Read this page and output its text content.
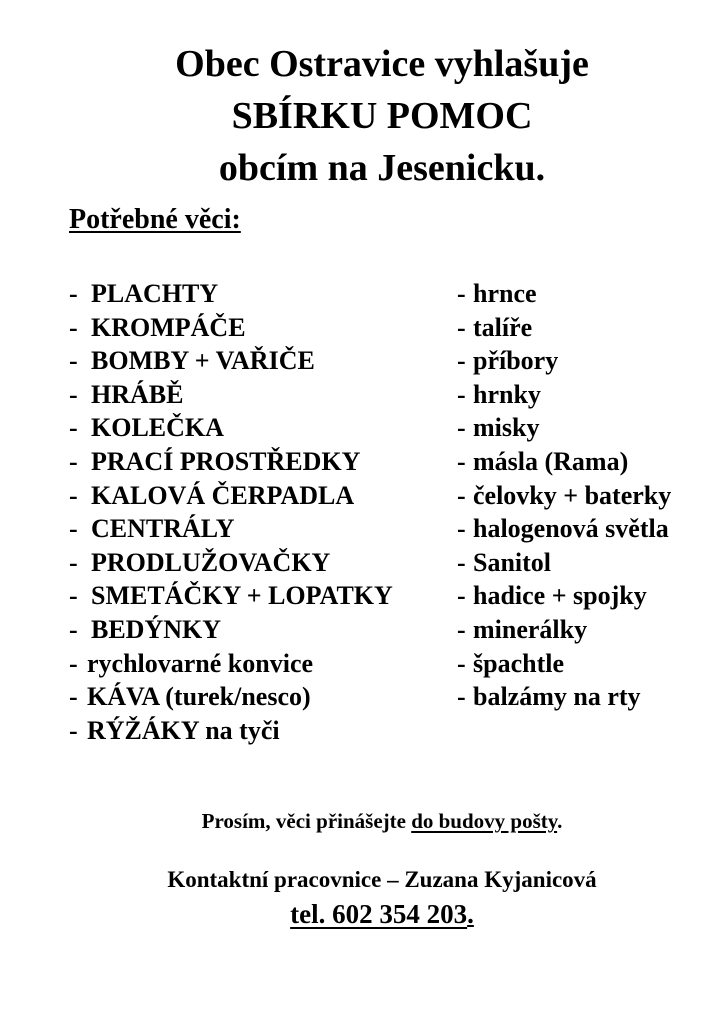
Obec Ostravice vyhlašuje
SBÍRKU POMOC
obcím na Jesenicku.
Potřebné věci:
- PLACHTY
- KROMPÁČE
- BOMBY + VAŘIČE
- HRÁBĚ
- KOLEČKA
- PRACÍ PROSTŘEDKY
- KALOVÁ ČERPADLA
- CENTRÁLY
- PRODLUŽOVAČKY
- SMETÁČKY + LOPATKY
- BEDÝNKY
- rychlovarné konvice
- KÁVA (turek/nesco)
- RÝŽÁKY na tyči
- hrnce
- talíře
- příbory
- hrnky
- misky
- másla (Rama)
- čelovky + baterky
- halogenová světla
- Sanitol
- hadice + spojky
- minerálky
- špachtle
- balzámy na rty
Prosím, věci přinášejte do budovy pošty.
Kontaktní pracovnice – Zuzana Kyjanicová
tel. 602 354 203.
